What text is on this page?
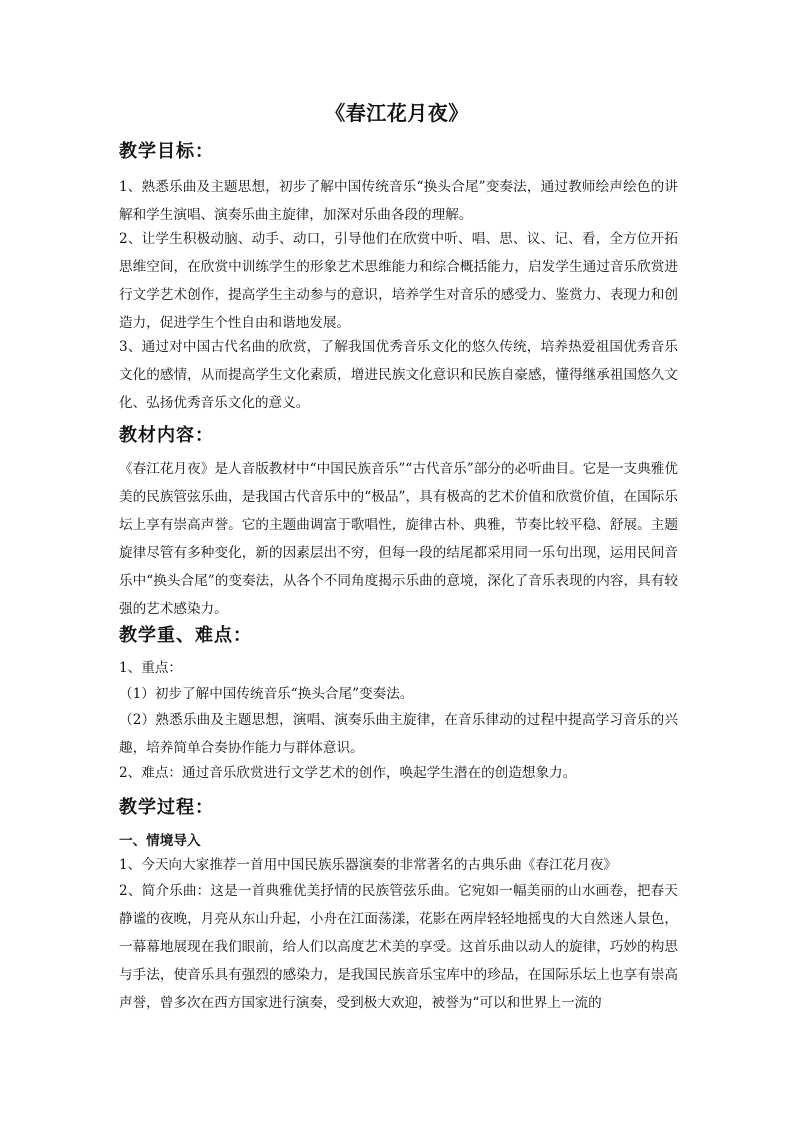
《春江花月夜》
教学目标：
1、熟悉乐曲及主题思想，初步了解中国传统音乐“换头合尾”变奏法，通过教师绘声绘色的讲解和学生演唱、演奏乐曲主旋律，加深对乐曲各段的理解。
2、让学生积极动脑、动手、动口，引导他们在欣赏中听、唱、思、议、记、看，全方位开拓思维空间，在欣赏中训练学生的形象艺术思维能力和综合概括能力，启发学生通过音乐欣赏进行文学艺术创作，提高学生主动参与的意识，培养学生对音乐的感受力、鉴赏力、表现力和创造力，促进学生个性自由和谐地发展。
3、通过对中国古代名曲的欣赏，了解我国优秀音乐文化的悠久传统，培养热爱祖国优秀音乐文化的感情，从而提高学生文化素质，增进民族文化意识和民族自豪感，懂得继承祖国悠久文化、弘扬优秀音乐文化的意义。
教材内容：
《春江花月夜》是人音版教材中“中国民族音乐”“古代音乐”部分的必听曲目。它是一支典雅优美的民族管弦乐曲，是我国古代音乐中的“极品”，具有极高的艺术价值和欣赏价值，在国际乐坛上享有崇高声誉。它的主题曲调富于歌唱性，旋律古朴、典雅，节奏比较平稳、舒展。主题旋律尽管有多种变化，新的因素层出不穷，但每一段的结尾都采用同一乐句出现，运用民间音乐中“换头合尾”的变奏法，从各个不同角度揭示乐曲的意境，深化了音乐表现的内容，具有较强的艺术感染力。
教学重、难点：
1、重点：
（1）初步了解中国传统音乐“换头合尾”变奏法。
（2）熟悉乐曲及主题思想，演唱、演奏乐曲主旋律，在音乐律动的过程中提高学习音乐的兴趣，培养简单合奏协作能力与群体意识。
2、难点：通过音乐欣赏进行文学艺术的创作，唤起学生潜在的创造想象力。
教学过程：
一、情境导入
1、今天向大家推荐一首用中国民族乐器演奏的非常著名的古典乐曲《春江花月夜》
2、简介乐曲：这是一首典雅优美抒情的民族管弦乐曲。它宛如一幅美丽的山水画卷，把春天静谧的夜晚，月亮从东山升起，小舟在江面荡漾，花影在两岸轻轻地摇曳的大自然迷人景色，一幕幕地展现在我们眼前，给人们以高度艺术美的享受。这首乐曲以动人的旋律，巧妙的构思与手法，使音乐具有强烈的感染力，是我国民族音乐宝库中的珍品，在国际乐坛上也享有崇高声誉，曾多次在西方国家进行演奏，受到极大欢迎，被誉为“可以和世界上一流的
